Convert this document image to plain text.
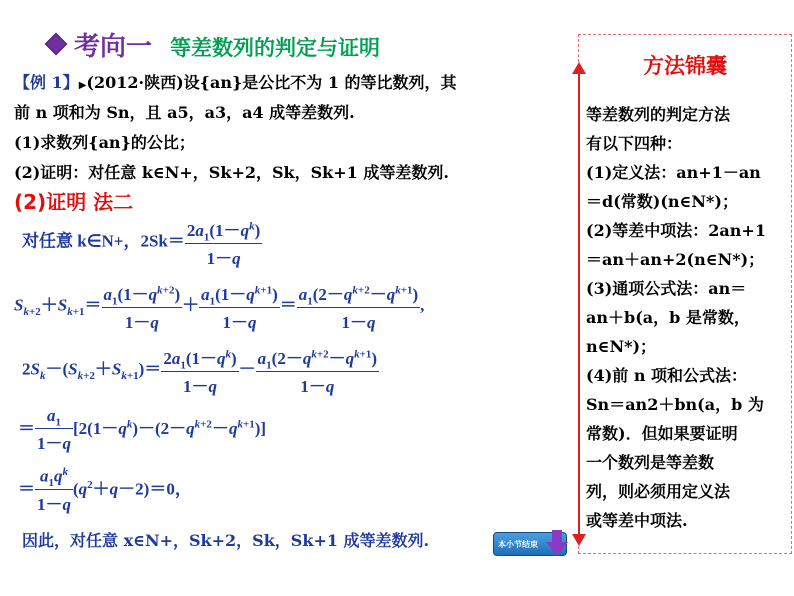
考向一 等差数列的判定与证明
【例 1】▶(2012·陕西)设{an}是公比不为 1 的等比数列，其
前 n 项和为 Sn，且 a5，a3，a4 成等差数列.
(1)求数列{an}的公比；
(2)证明：对任意 k∈N+，Sk+2，Sk，Sk+1 成等差数列.
(2)证明 法二
对任意 k∈N+，$2Sk= \frac{2a_1(1-q^k)}{1-q}$
$S_{k+2}+S_{k+1}= \frac{a_1(1-q^{k+2})}{1-q} + \frac{a_1(1-q^{k+1})}{1-q} = \frac{a_1(2-q^{k+2}-q^{k+1})}{1-q}$ ,
$2S_k-(S_{k+2}+S_{k+1})= \frac{2a_1(1-q^k)}{1-q} - \frac{a_1(2-q^{k+2}-q^{k+1})}{1-q}$
＝ $\frac{a_1}{1-q} [2(1-q^k)-(2-q^{k+2}-q^{k+1})]$
＝ $\frac{a_1q^k}{1-q} (q^2+q-2)=0$，
因此，对任意 x∈N+，Sk+2，Sk，Sk+1 成等差数列.
方法锦囊
等差数列的判定方法
有以下四种：
(1)定义法：an+1－an
＝d(常数)(n∈N*)；
(2)等差中项法：2an+1
＝an＋an+2(n∈N*)；
(3)通项公式法：an＝
an＋b(a，b 是常数，
n∈N*)；
(4)前 n 项和公式法：
Sn＝an2＋bn(a，b 为
常数)．但如果要证明
一个数列是等差数
列，则必须用定义法
或等差中项法.
本小节结束
